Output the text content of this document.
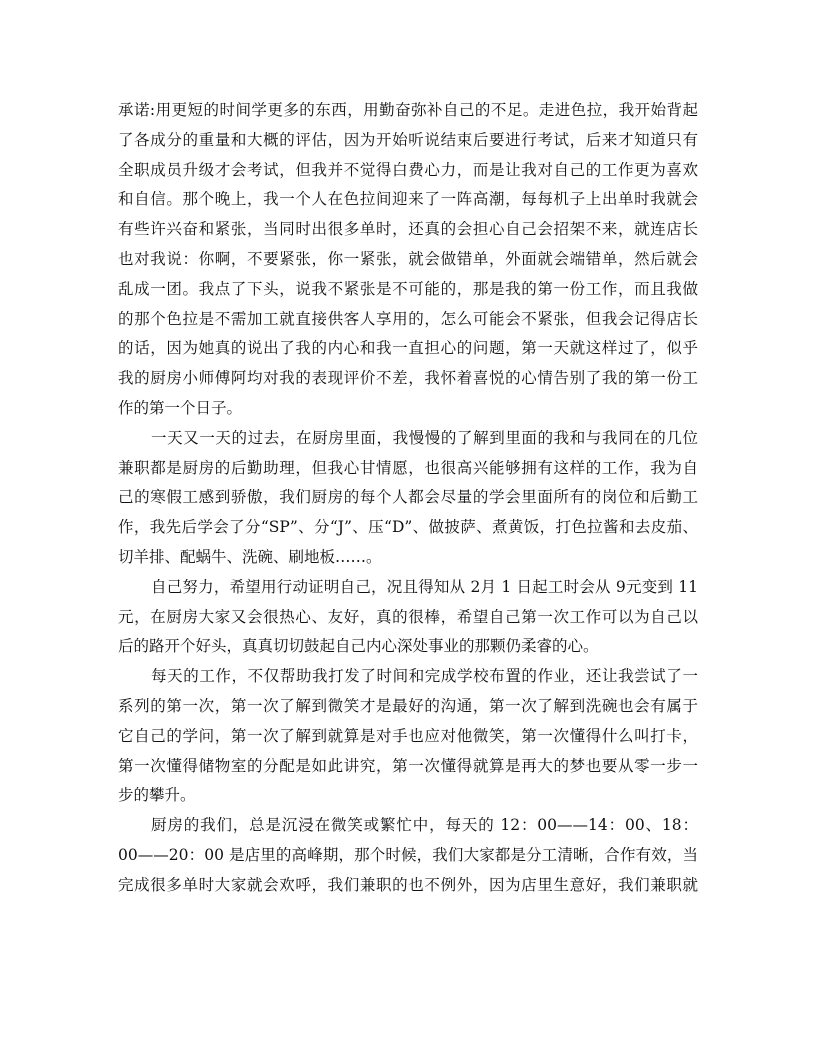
承诺:用更短的时间学更多的东西，用勤奋弥补自己的不足。走进色拉，我开始背起
了各成分的重量和大概的评估，因为开始听说结束后要进行考试，后来才知道只有
全职成员升级才会考试，但我并不觉得白费心力，而是让我对自己的工作更为喜欢
和自信。那个晚上，我一个人在色拉间迎来了一阵高潮，每每机子上出单时我就会
有些许兴奋和紧张，当同时出很多单时，还真的会担心自己会招架不来，就连店长
也对我说：你啊，不要紧张，你一紧张，就会做错单，外面就会端错单，然后就会
乱成一团。我点了下头，说我不紧张是不可能的，那是我的第一份工作，而且我做
的那个色拉是不需加工就直接供客人享用的，怎么可能会不紧张，但我会记得店长
的话，因为她真的说出了我的内心和我一直担心的问题，第一天就这样过了，似乎
我的厨房小师傅阿均对我的表现评价不差，我怀着喜悦的心情告别了我的第一份工
作的第一个日子。
一天又一天的过去，在厨房里面，我慢慢的了解到里面的我和与我同在的几位
兼职都是厨房的后勤助理，但我心甘情愿，也很高兴能够拥有这样的工作，我为自
己的寒假工感到骄傲，我们厨房的每个人都会尽量的学会里面所有的岗位和后勤工
作，我先后学会了分“SP”、分“J”、压“D”、做披萨、煮黄饭，打色拉酱和去皮茄、
切羊排、配蜗牛、洗碗、刷地板……。
自己努力，希望用行动证明自己，况且得知从 2月 1 日起工时会从 9元变到 11
元，在厨房大家又会很热心、友好，真的很棒，希望自己第一次工作可以为自己以
后的路开个好头，真真切切鼓起自己内心深处事业的那颗仍柔睿的心。
每天的工作，不仅帮助我打发了时间和完成学校布置的作业，还让我尝试了一
系列的第一次，第一次了解到微笑才是最好的沟通，第一次了解到洗碗也会有属于
它自己的学问，第一次了解到就算是对手也应对他微笑，第一次懂得什么叫打卡，
第一次懂得储物室的分配是如此讲究，第一次懂得就算是再大的梦也要从零一步一
步的攀升。
厨房的我们，总是沉浸在微笑或繁忙中，每天的 12：00——14：00、18：
00——20：00 是店里的高峰期，那个时候，我们大家都是分工清晰，合作有效，当
完成很多单时大家就会欢呼，我们兼职的也不例外，因为店里生意好，我们兼职就
